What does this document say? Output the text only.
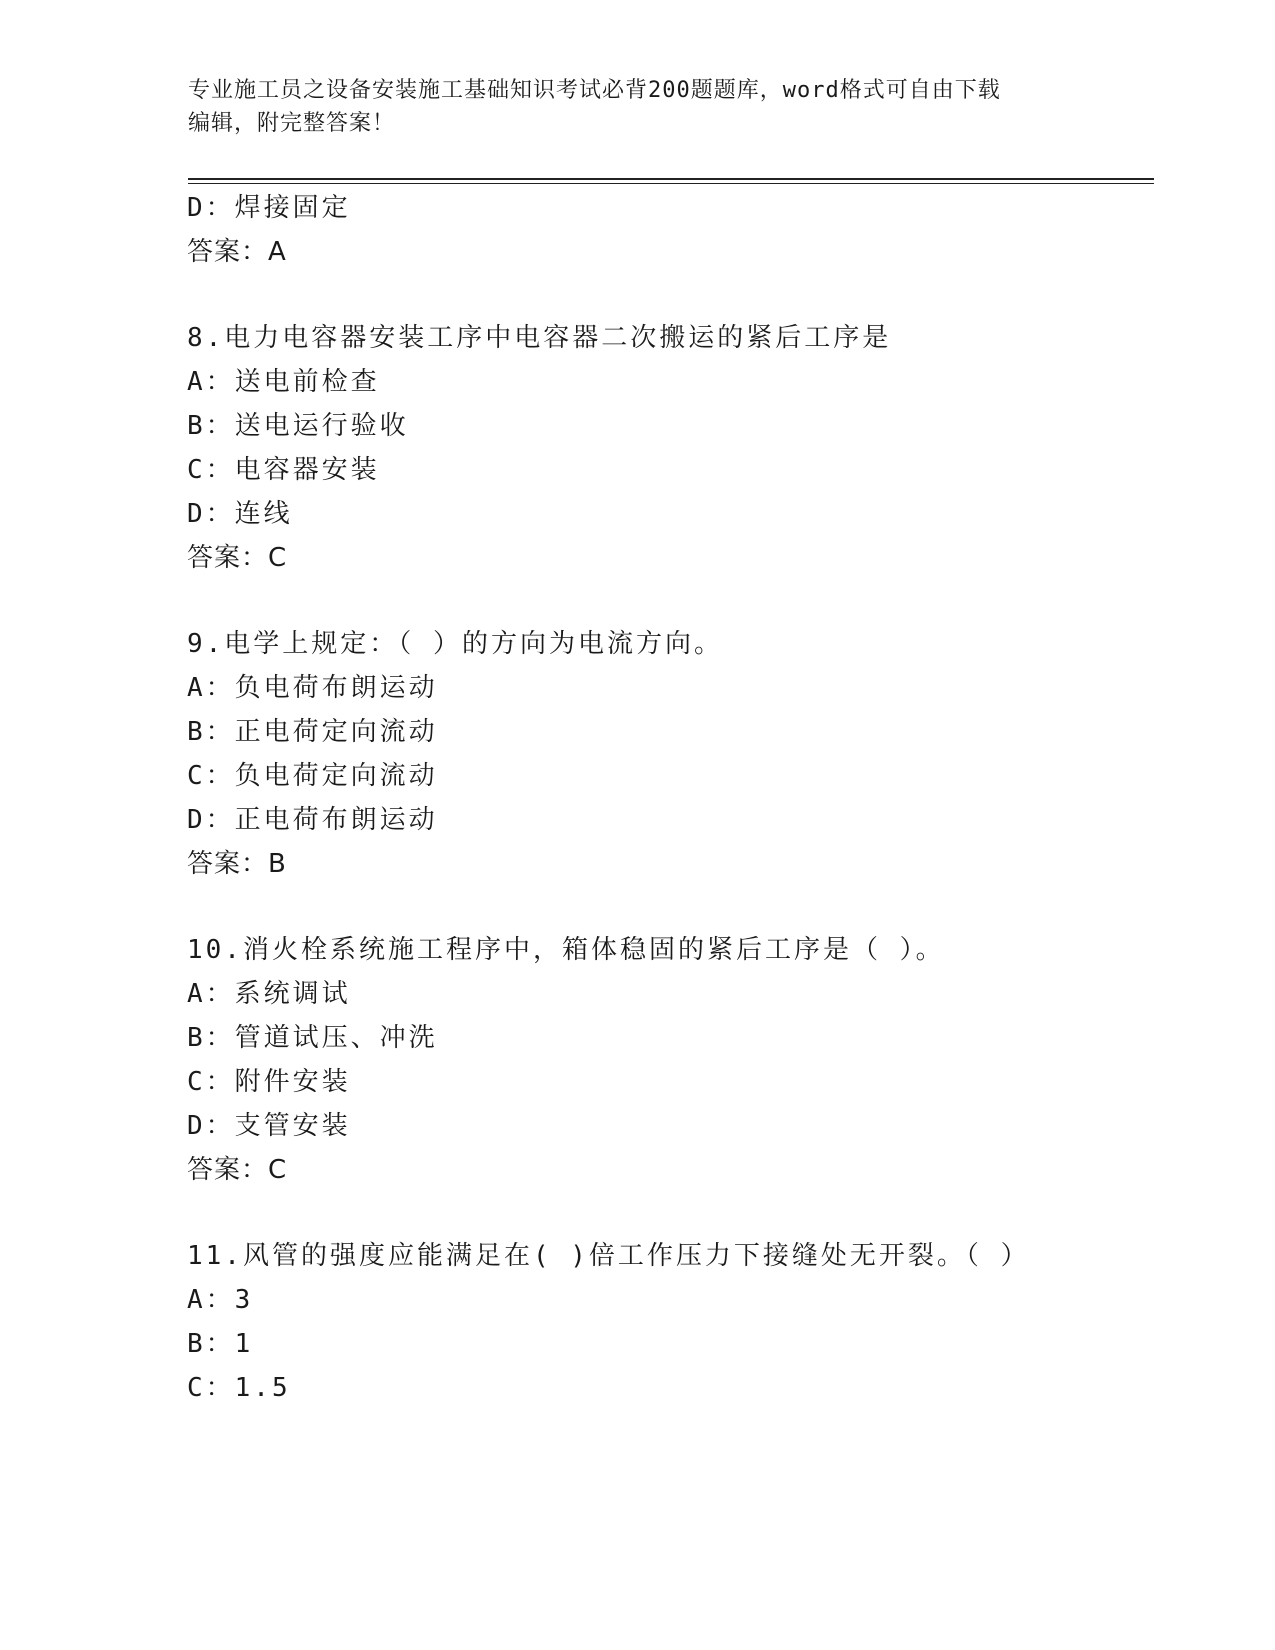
专业施工员之设备安装施工基础知识考试必背200题题库，word格式可自由下载
编辑，附完整答案！
D：焊接固定
答案：A
8.电力电容器安装工序中电容器二次搬运的紧后工序是
A：送电前检查
B：送电运行验收
C：电容器安装
D：连线
答案：C
9.电学上规定：（ ）的方向为电流方向。
A：负电荷布朗运动
B：正电荷定向流动
C：负电荷定向流动
D：正电荷布朗运动
答案：B
10.消火栓系统施工程序中，箱体稳固的紧后工序是（ ）。
A：系统调试
B：管道试压、冲洗
C：附件安装
D：支管安装
答案：C
11.风管的强度应能满足在( )倍工作压力下接缝处无开裂。（ ）
A：3
B：1
C：1.5
